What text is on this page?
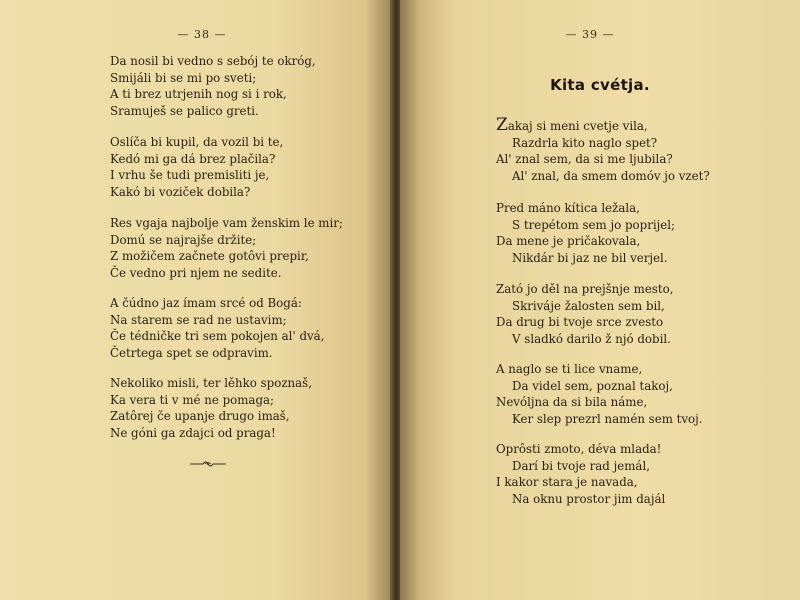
— 38 —
Da nosil bi vedno s sebój te okróg,
Smijáli bi se mi po sveti;
A ti brez utrjenih nog si i rok,
Sramuješ se palico greti.
Oslíča bi kupil, da vozil bi te,
Kedó mi ga dá brez plačila?
I vrhu še tudi premisliti je,
Kakó bi voziček dobila?
Res vgaja najbolje vam ženskim le mir;
Domú se najrajše držite;
Z možičem začnete gotôvi prepir,
Če vedno pri njem ne sedite.
A čúdno jaz ímam srcé od Bogá:
Na starem se rad ne ustavim;
Če tédničke tri sem pokojen al' dvá,
Četrtega spet se odpravim.
Nekoliko misli, ter lěhko spoznaš,
Ka vera ti v mé ne pomaga;
Zatôrej če upanje drugo imaš,
Ne góni ga zdajci od praga!
— 39 —
Kita cvétja.
Zakaj si meni cvetje vila,
Razdrla kito naglo spet?
Al' znal sem, da si me ljubila?
Al' znal, da smem domóv jo vzet?
Pred máno kítica ležala,
S trepétom sem jo poprijel;
Da mene je pričakovala,
Nikdár bi jaz ne bil verjel.
Zató jo děl na prejšnje mesto,
Skriváje žalosten sem bil,
Da drug bi tvoje srce zvesto
V sladkó darilo ž njó dobil.
A naglo se ti lice vname,
Da videl sem, poznal takoj,
Nevóljna da si bila náme,
Ker slep prezrl namén sem tvoj.
Oprôsti zmoto, déva mlada!
Darí bi tvoje rad jemál,
I kakor stara je navada,
Na oknu prostor jim dajál
